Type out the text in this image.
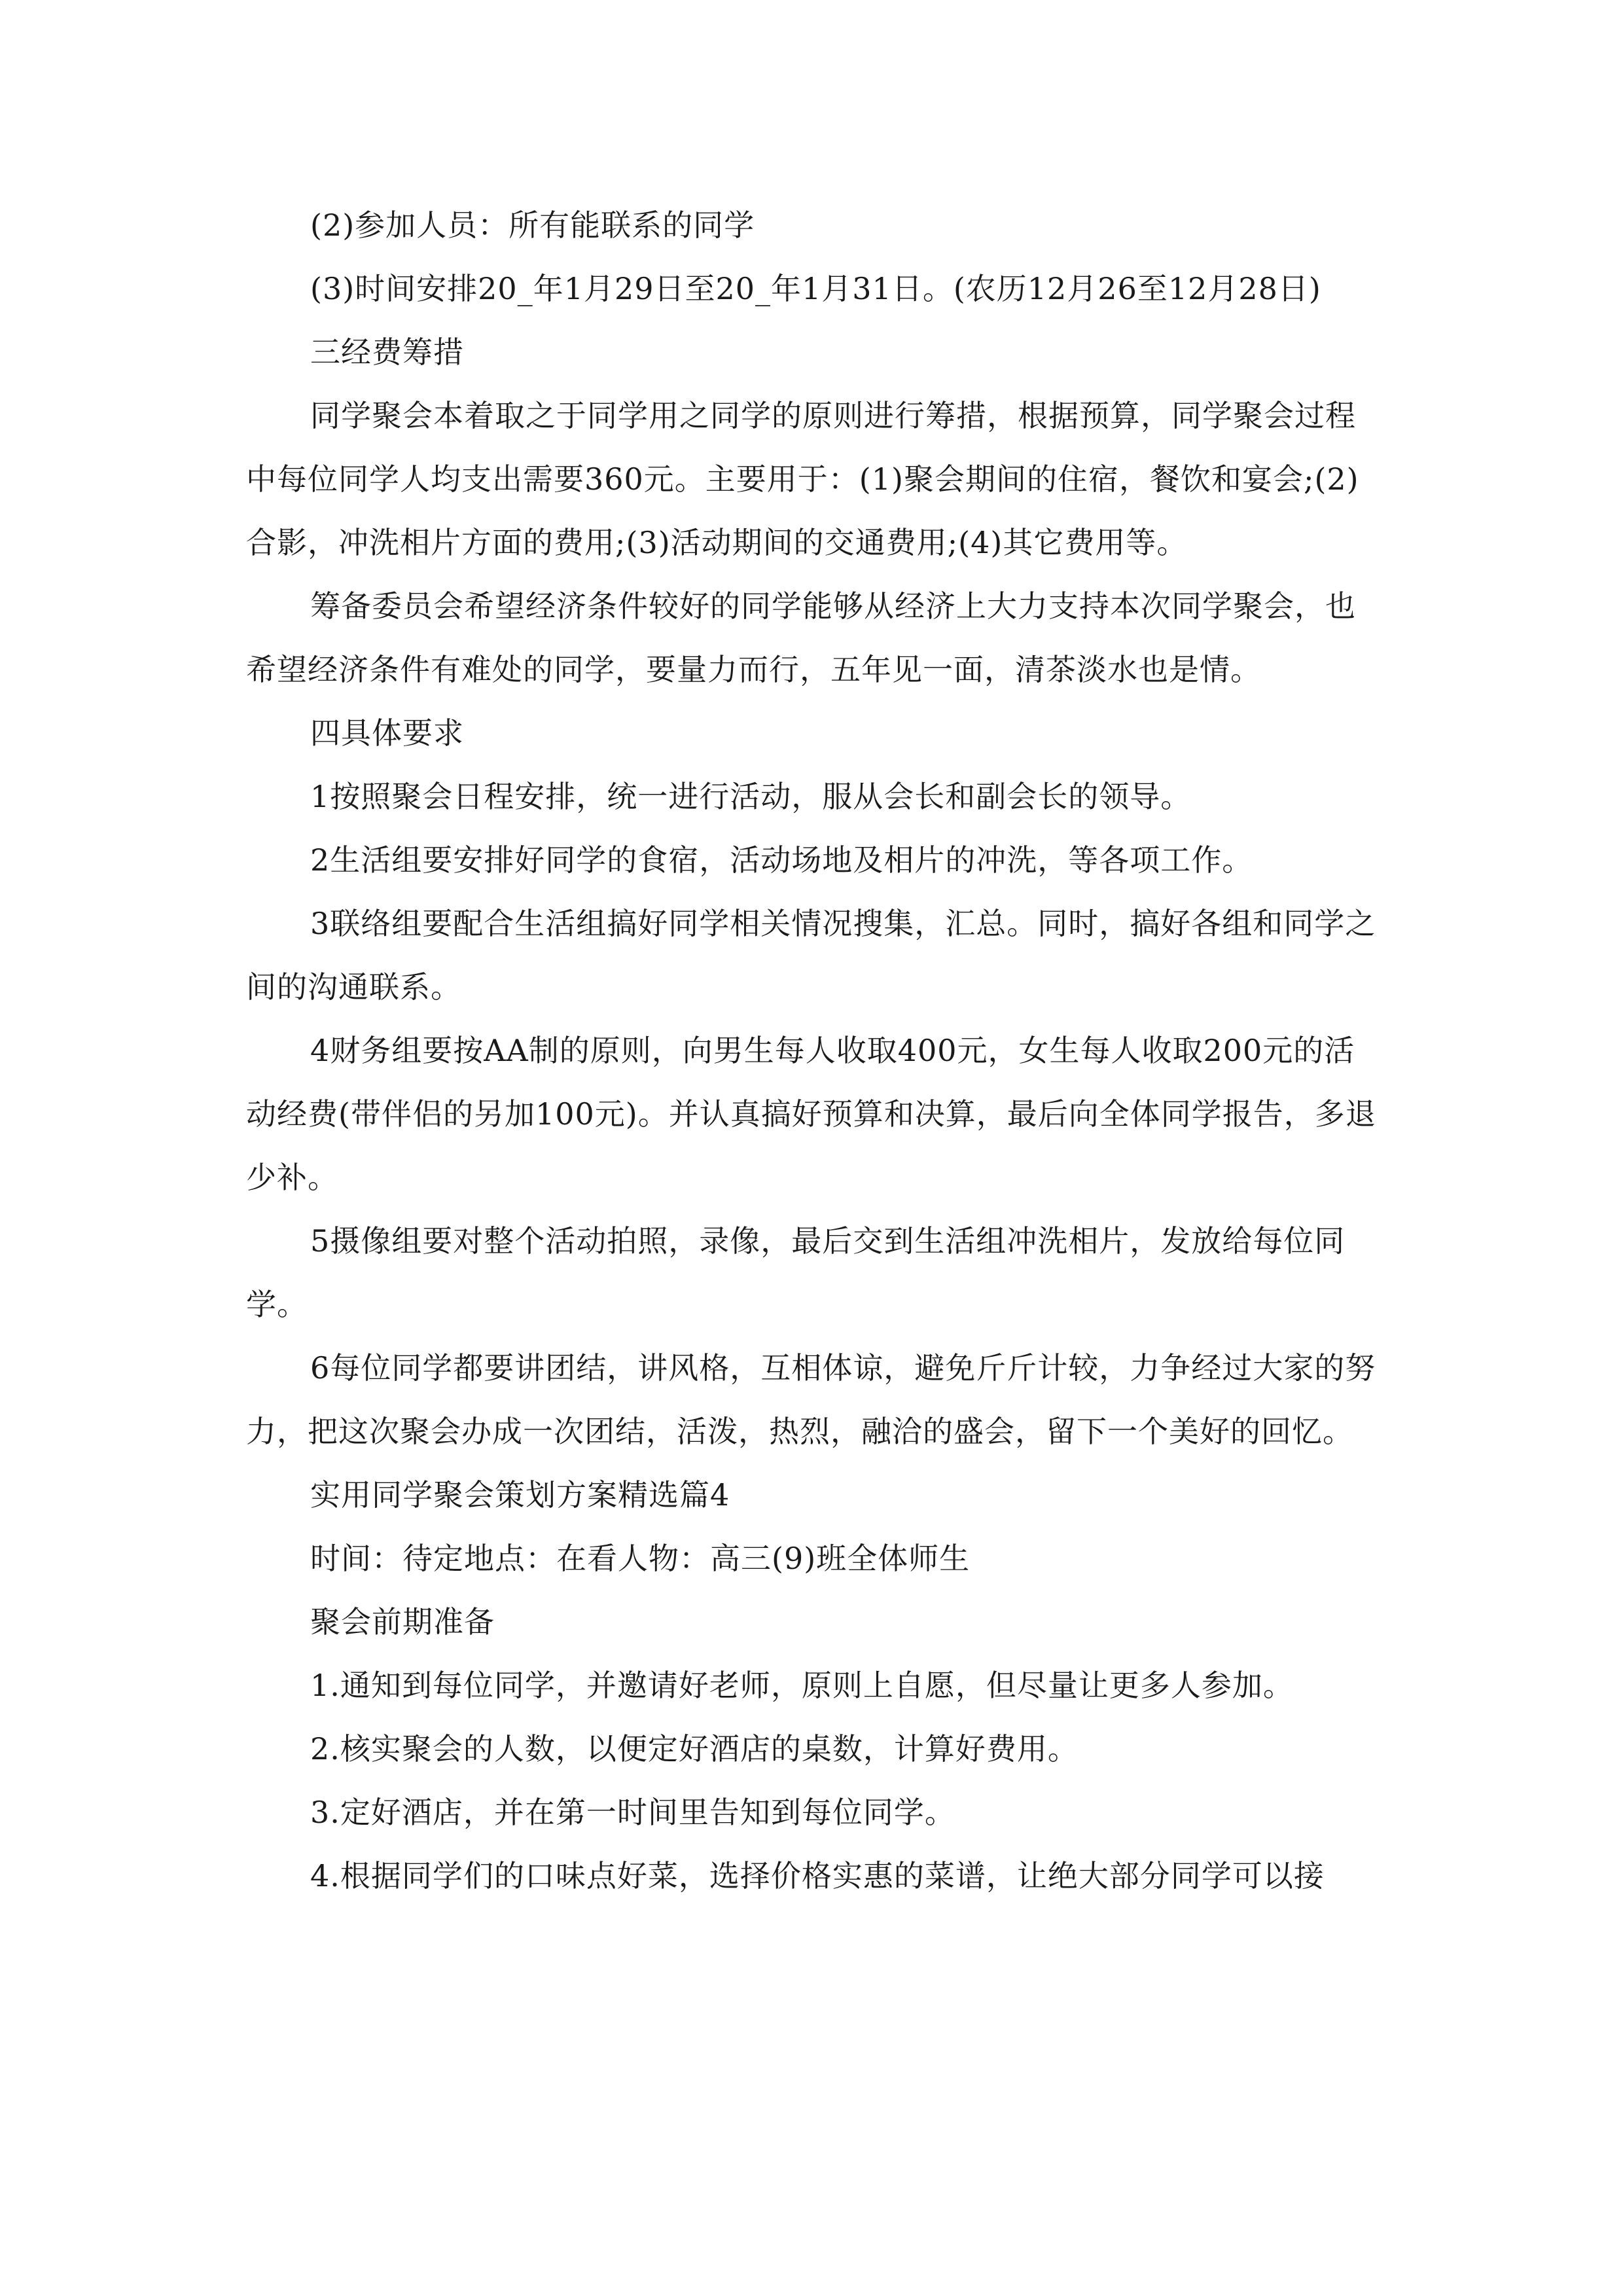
(2)参加人员：所有能联系的同学

(3)时间安排20_年1月29日至20_年1月31日。(农历12月26至12月28日)

三经费筹措

同学聚会本着取之于同学用之同学的原则进行筹措，根据预算，同学聚会过程中每位同学人均支出需要360元。主要用于：(1)聚会期间的住宿，餐饮和宴会;(2)合影，冲洗相片方面的费用;(3)活动期间的交通费用;(4)其它费用等。

筹备委员会希望经济条件较好的同学能够从经济上大力支持本次同学聚会，也希望经济条件有难处的同学，要量力而行，五年见一面，清茶淡水也是情。

四具体要求

1按照聚会日程安排，统一进行活动，服从会长和副会长的领导。

2生活组要安排好同学的食宿，活动场地及相片的冲洗，等各项工作。

3联络组要配合生活组搞好同学相关情况搜集，汇总。同时，搞好各组和同学之间的沟通联系。

4财务组要按AA制的原则，向男生每人收取400元，女生每人收取200元的活动经费(带伴侣的另加100元)。并认真搞好预算和决算，最后向全体同学报告，多退少补。

5摄像组要对整个活动拍照，录像，最后交到生活组冲洗相片，发放给每位同学。

6每位同学都要讲团结，讲风格，互相体谅，避免斤斤计较，力争经过大家的努力，把这次聚会办成一次团结，活泼，热烈，融洽的盛会，留下一个美好的回忆。

实用同学聚会策划方案精选篇4

时间：待定地点：在看人物：高三(9)班全体师生

聚会前期准备

1.通知到每位同学，并邀请好老师，原则上自愿，但尽量让更多人参加。

2.核实聚会的人数，以便定好酒店的桌数，计算好费用。

3.定好酒店，并在第一时间里告知到每位同学。

4.根据同学们的口味点好菜，选择价格实惠的菜谱，让绝大部分同学可以接
